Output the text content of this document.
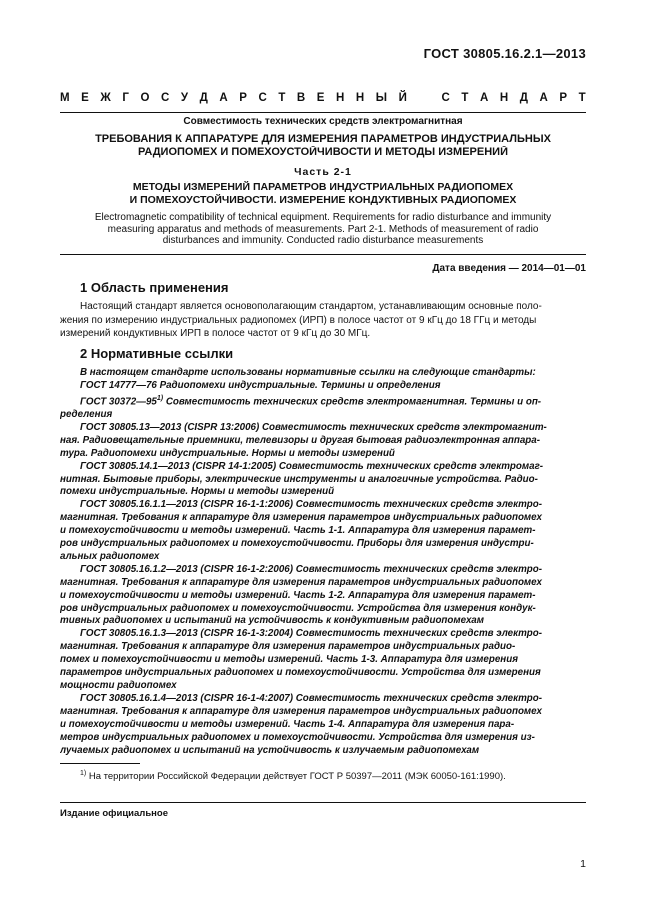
ГОСТ 30805.16.2.1—2013
М Е Ж Г О С У Д А Р С Т В Е Н Н Ы Й	С Т А Н Д А Р Т
Совместимость технических средств электромагнитная
ТРЕБОВАНИЯ К АППАРАТУРЕ ДЛЯ ИЗМЕРЕНИЯ ПАРАМЕТРОВ ИНДУСТРИАЛЬНЫХ
РАДИОПОМЕХ И ПОМЕХОУСТОЙЧИВОСТИ И МЕТОДЫ ИЗМЕРЕНИЙ
Часть 2-1
МЕТОДЫ ИЗМЕРЕНИЙ ПАРАМЕТРОВ ИНДУСТРИАЛЬНЫХ РАДИОПОМЕХ
И ПОМЕХОУСТОЙЧИВОСТИ. ИЗМЕРЕНИЕ КОНДУКТИВНЫХ РАДИОПОМЕХ
Electromagnetic compatibility of technical equipment. Requirements for radio disturbance and immunity
measuring apparatus and methods of measurements. Part 2-1. Methods of measurement of radio
disturbances and immunity. Conducted radio disturbance measurements
Дата введения — 2014—01—01
1 Область применения
Настоящий стандарт является основополагающим стандартом, устанавливающим основные поло-
жения по измерению индустриальных радиопомех (ИРП) в полосе частот от 9 кГц до 18 ГГц и методы
измерений кондуктивных ИРП в полосе частот от 9 кГц до 30 МГц.
2 Нормативные ссылки
В настоящем стандарте использованы нормативные ссылки на следующие стандарты:
ГОСТ 14777—76 Радиопомехи индустриальные. Термины и определения
ГОСТ 30372—95$^{1)}$ Совместимость технических средств электромагнитная. Термины и оп-
ределения
ГОСТ 30805.13—2013 (CISPR 13:2006) Совместимость технических средств электромагнит-
ная. Радиовещательные приемники, телевизоры и другая бытовая радиоэлектронная аппара-
тура. Радиопомехи индустриальные. Нормы и методы измерений
ГОСТ 30805.14.1—2013 (CISPR 14-1:2005) Совместимость технических средств электромаг-
нитная. Бытовые приборы, электрические инструменты и аналогичные устройства. Радио-
помехи индустриальные. Нормы и методы измерений
ГОСТ 30805.16.1.1—2013 (CISPR 16-1-1:2006) Совместимость технических средств электро-
магнитная. Требования к аппаратуре для измерения параметров индустриальных радиопомех
и помехоустойчивости и методы измерений. Часть 1-1. Аппаратура для измерения парамет-
ров индустриальных радиопомех и помехоустойчивости. Приборы для измерения индустри-
альных радиопомех
ГОСТ 30805.16.1.2—2013 (CISPR 16-1-2:2006) Совместимость технических средств электро-
магнитная. Требования к аппаратуре для измерения параметров индустриальных радиопомех
и помехоустойчивости и методы измерений. Часть 1-2. Аппаратура для измерения парамет-
ров индустриальных радиопомех и помехоустойчивости. Устройства для измерения кондук-
тивных радиопомех и испытаний на устойчивость к кондуктивным радиопомехам
ГОСТ 30805.16.1.3—2013 (CISPR 16-1-3:2004) Совместимость технических средств электро-
магнитная. Требования к аппаратуре для измерения параметров индустриальных радио-
помех и помехоустойчивости и методы измерений. Часть 1-3. Аппаратура для измерения
параметров индустриальных радиопомех и помехоустойчивости. Устройства для измерения
мощности радиопомех
ГОСТ 30805.16.1.4—2013 (CISPR 16-1-4:2007) Совместимость технических средств электро-
магнитная. Требования к аппаратуре для измерения параметров индустриальных радиопомех
и помехоустойчивости и методы измерений. Часть 1-4. Аппаратура для измерения пара-
метров индустриальных радиопомех и помехоустойчивости. Устройства для измерения из-
лучаемых радиопомех и испытаний на устойчивость к излучаемым радиопомехам
$^{1)}$ На территории Российской Федерации действует ГОСТ Р 50397—2011 (МЭК 60050-161:1990).
Издание официальное
1
